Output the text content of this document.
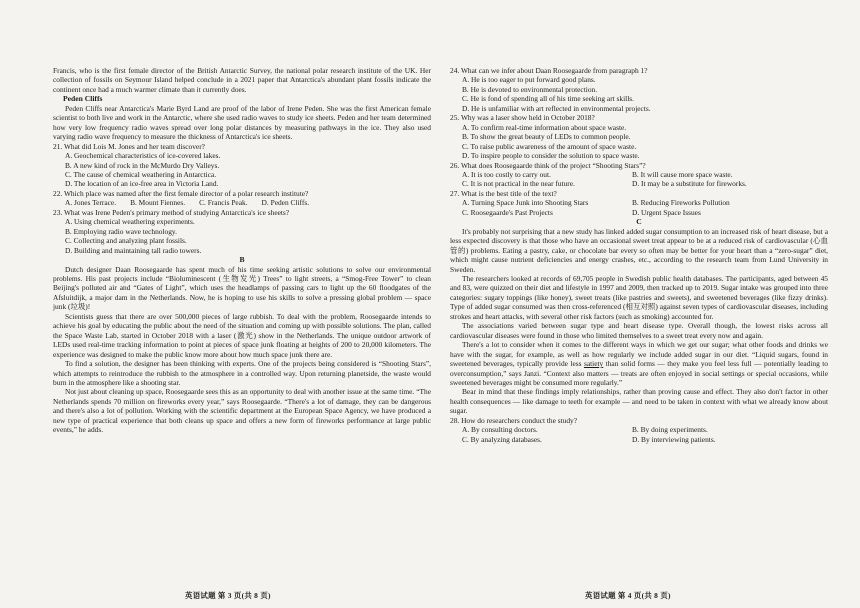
Francis, who is the first female director of the British Antarctic Survey, the national polar research institute of the UK. Her collection of fossils on Seymour Island helped conclude in a 2021 paper that Antarctica's abundant plant fossils indicate the continent once had a much warmer climate than it currently does.

Peden Cliffs

Peden Cliffs near Antarctica's Marie Byrd Land are proof of the labor of Irene Peden. She was the first American female scientist to both live and work in the Antarctic, where she used radio waves to study ice sheets. Peden and her team determined how very low frequency radio waves spread over long polar distances by measuring pathways in the ice. They also used varying radio wave frequency to measure the thickness of Antarctica's ice sheets.

21. What did Lois M. Jones and her team discover?

A. Geochemical characteristics of ice-covered lakes.

B. A new kind of rock in the McMurdo Dry Valleys.

C. The cause of chemical weathering in Antarctica.

D. The location of an ice-free area in Victoria Land.

22. Which place was named after the first female director of a polar research institute?

A. Jones Terrace. B. Mount Fiennes. C. Francis Peak. D. Peden Cliffs.

23. What was Irene Peden's primary method of studying Antarctica's ice sheets?

A. Using chemical weathering experiments.

B. Employing radio wave technology.

C. Collecting and analyzing plant fossils.

D. Building and maintaining tall radio towers.

B

Dutch designer Daan Roosegaarde has spent much of his time seeking artistic solutions to solve our environmental problems. His past projects include “Bioluminescent (生物发光) Trees” to light streets, a “Smog-Free Tower” to clean Beijing's polluted air and “Gates of Light”, which uses the headlamps of passing cars to light up the 60 floodgates of the Afsluitdijk, a major dam in the Netherlands. Now, he is hoping to use his skills to solve a pressing global problem — space junk (垃圾)!

Scientists guess that there are over 500,000 pieces of large rubbish. To deal with the problem, Roosegaarde intends to achieve his goal by educating the public about the need of the situation and coming up with possible solutions. The plan, called the Space Waste Lab, started in October 2018 with a laser (激光) show in the Netherlands. The unique outdoor artwork of LEDs used real-time tracking information to point at pieces of space junk floating at heights of 200 to 20,000 kilometers. The experience was designed to make the public know more about how much space junk there are.

To find a solution, the designer has been thinking with experts. One of the projects being considered is “Shooting Stars”, which attempts to reintroduce the rubbish to the atmosphere in a controlled way. Upon returning planetside, the waste would burn in the atmosphere like a shooting star.

Not just about cleaning up space, Roosegaarde sees this as an opportunity to deal with another issue at the same time. “The Netherlands spends 70 million on fireworks every year,” says Roosegaarde. “There's a lot of damage, they can be dangerous and there's also a lot of pollution. Working with the scientific department at the European Space Agency, we have produced a new type of practical experience that both cleans up space and offers a new form of fireworks performance at large public events,” he adds.

英语试题 第 3 页(共 8 页)

24. What can we infer about Daan Roosegaarde from paragraph 1?

A. He is too eager to put forward good plans.

B. He is devoted to environmental protection.

C. He is fond of spending all of his time seeking art skills.

D. He is unfamiliar with art reflected in environmental projects.

25. Why was a laser show held in October 2018?

A. To confirm real-time information about space waste.

B. To show the great beauty of LEDs to common people.

C. To raise public awareness of the amount of space waste.

D. To inspire people to consider the solution to space waste.

26. What does Roosegaarde think of the project “Shooting Stars”?

A. It is too costly to carry out.	B. It will cause more space waste.
C. It is not practical in the near future.	D. It may be a substitute for fireworks.

27. What is the best title of the text?

A. Turning Space Junk into Shooting Stars	B. Reducing Fireworks Pollution
C. Roosegaarde's Past Projects	D. Urgent Space Issues

C

It's probably not surprising that a new study has linked added sugar consumption to an increased risk of heart disease, but a less expected discovery is that those who have an occasional sweet treat appear to be at a reduced risk of cardiovascular (心血管的) problems. Eating a pastry, cake, or chocolate bar every so often may be better for your heart than a “zero-sugar” diet, which might cause nutrient deficiencies and energy crashes, etc., according to the research team from Lund University in Sweden.

The researchers looked at records of 69,705 people in Swedish public health databases. The participants, aged between 45 and 83, were quizzed on their diet and lifestyle in 1997 and 2009, then tracked up to 2019. Sugar intake was grouped into three categories: sugary toppings (like honey), sweet treats (like pastries and sweets), and sweetened beverages (like fizzy drinks). Type of added sugar consumed was then cross-referenced (相互对照) against seven types of cardiovascular diseases, including strokes and heart attacks, with several other risk factors (such as smoking) accounted for.

The associations varied between sugar type and heart disease type. Overall though, the lowest risks across all cardiovascular diseases were found in those who limited themselves to a sweet treat every now and again.

There's a lot to consider when it comes to the different ways in which we get our sugar; what other foods and drinks we have with the sugar, for example, as well as how regularly we include added sugar in our diet. “Liquid sugars, found in sweetened beverages, typically provide less satiety than solid forms — they make you feel less full — potentially leading to overconsumption,” says Janzi. “Context also matters — treats are often enjoyed in social settings or special occasions, while sweetened beverages might be consumed more regularly.”

Bear in mind that these findings imply relationships, rather than proving cause and effect. They also don't factor in other health consequences — like damage to teeth for example — and need to be taken in context with what we already know about sugar.

28. How do researchers conduct the study?

A. By consulting doctors.	B. By doing experiments.
C. By analyzing databases.	D. By interviewing patients.
英语试题 第 4 页(共 8 页)
